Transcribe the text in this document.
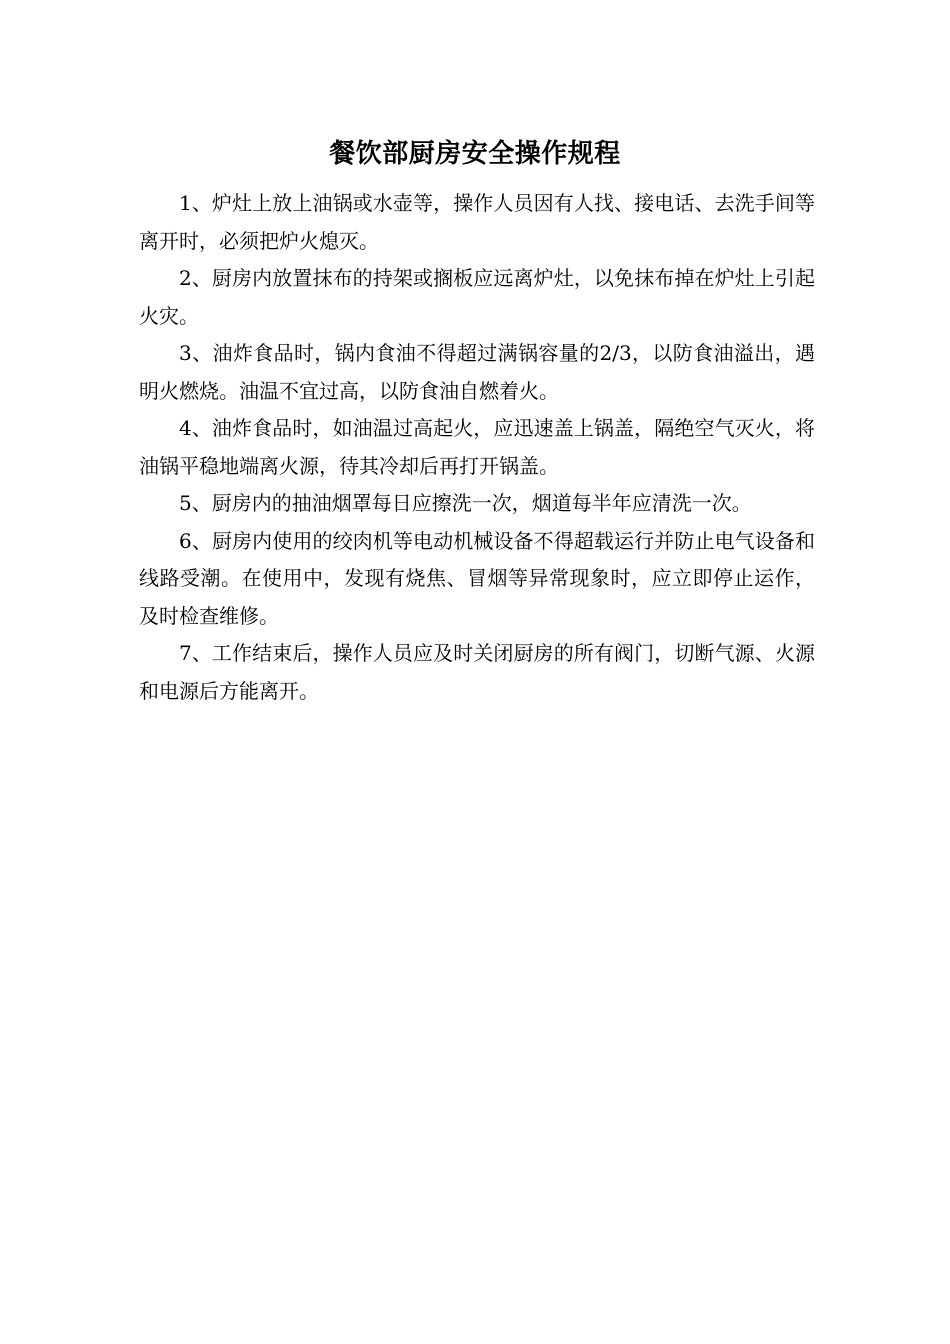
餐饮部厨房安全操作规程

1、炉灶上放上油锅或水壶等，操作人员因有人找、接电话、去洗手间等离开时，必须把炉火熄灭。

2、厨房内放置抹布的持架或搁板应远离炉灶，以免抹布掉在炉灶上引起火灾。

3、油炸食品时，锅内食油不得超过满锅容量的2/3，以防食油溢出，遇明火燃烧。油温不宜过高，以防食油自燃着火。

4、油炸食品时，如油温过高起火，应迅速盖上锅盖，隔绝空气灭火，将油锅平稳地端离火源，待其冷却后再打开锅盖。

5、厨房内的抽油烟罩每日应擦洗一次，烟道每半年应清洗一次。

6、厨房内使用的绞肉机等电动机械设备不得超载运行并防止电气设备和线路受潮。在使用中，发现有烧焦、冒烟等异常现象时，应立即停止运作，及时检查维修。

7、工作结束后，操作人员应及时关闭厨房的所有阀门，切断气源、火源和电源后方能离开。
